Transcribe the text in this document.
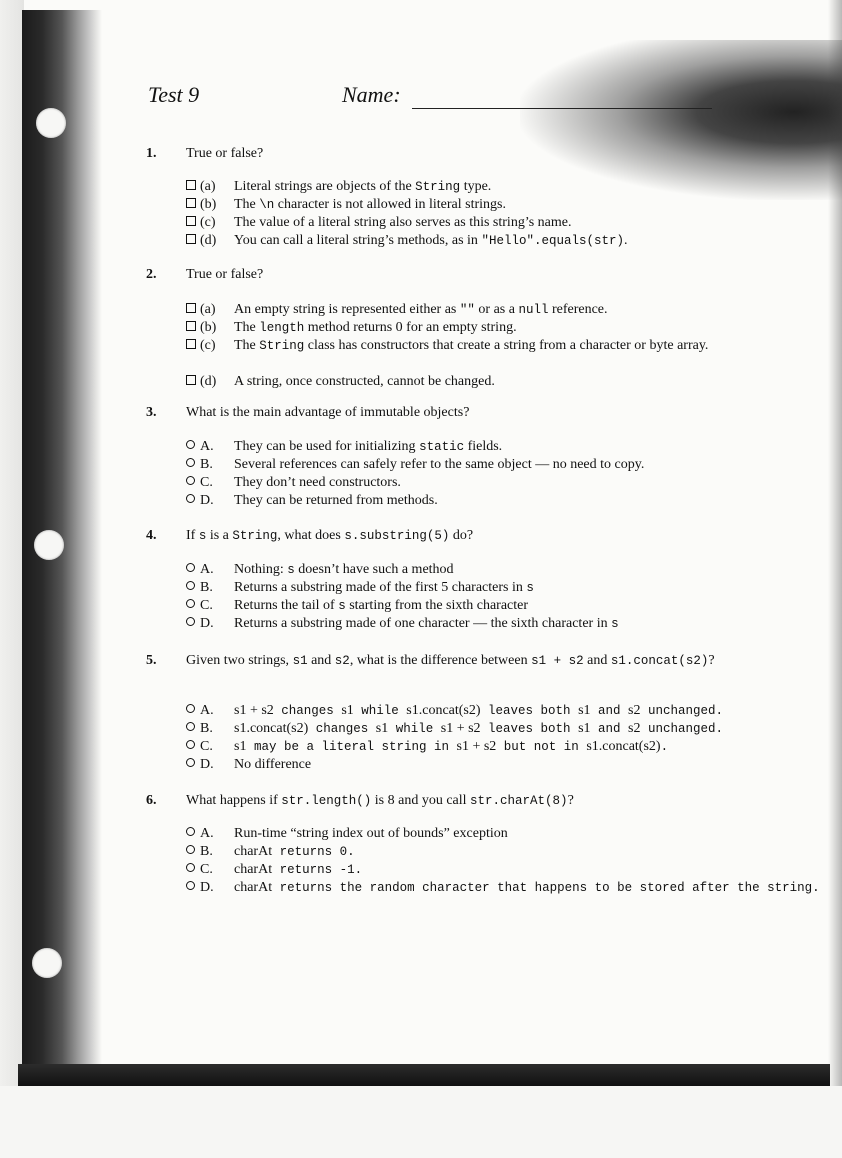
Test 9	Name:
1. True or false?
(a)	Literal strings are objects of the String type.
(b)	The \n character is not allowed in literal strings.
(c)	The value of a literal string also serves as this string’s name.
(d)	You can call a literal string’s methods, as in "Hello".equals(str).
2. True or false?
(a)	An empty string is represented either as "" or as a null reference.
(b)	The length method returns 0 for an empty string.
(c)	The String class has constructors that create a string from a character or byte array.
(d)	A string, once constructed, cannot be changed.
3. What is the main advantage of immutable objects?
A.	They can be used for initializing static fields.
B.	Several references can safely refer to the same object — no need to copy.
C.	They don’t need constructors.
D.	They can be returned from methods.
4. If s is a String, what does s.substring(5) do?
A.	Nothing: s doesn’t have such a method
B.	Returns a substring made of the first 5 characters in s
C.	Returns the tail of s starting from the sixth character
D.	Returns a substring made of one character — the sixth character in s
5. Given two strings, s1 and s2, what is the difference between s1 + s2 and s1.concat(s2)?
A.	s1 + s2 changes s1 while s1.concat(s2) leaves both s1 and s2 unchanged.
B.	s1.concat(s2) changes s1 while s1 + s2 leaves both s1 and s2 unchanged.
C.	s1 may be a literal string in s1 + s2 but not in s1.concat(s2).
D.	No difference
6. What happens if str.length() is 8 and you call str.charAt(8)?
A.	Run-time “string index out of bounds” exception
B.	charAt returns 0.
C.	charAt returns -1.
D.	charAt returns the random character that happens to be stored after the string.
